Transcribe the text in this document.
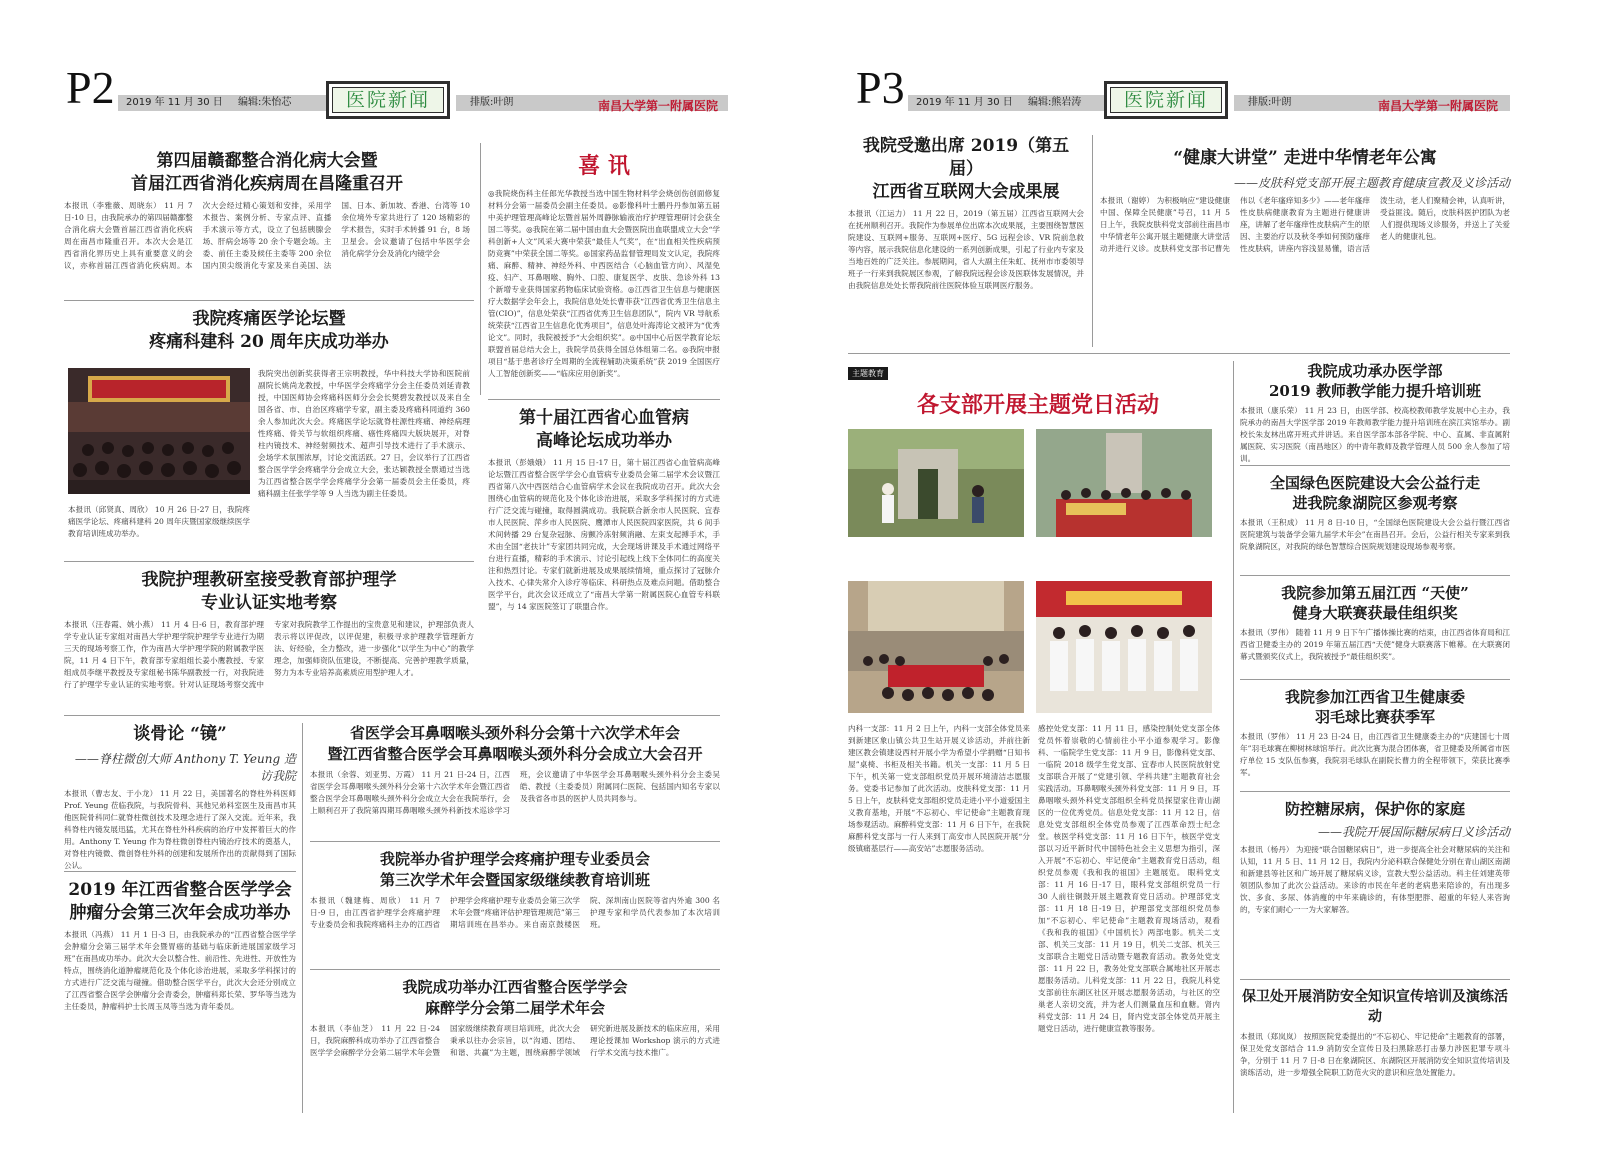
P2	2019 年 11 月 30 日 编辑:朱怡芯	医院新闻	排版:叶朗	南昌大学第一附属医院
第四届赣鄱整合消化病大会暨
首届江西省消化疾病周在昌隆重召开

本报讯（李雅薇、周晓东） 11 月 7 日-10 日，由我院承办的第四届赣鄱整合消化病大会暨首届江西省消化疾病周在南昌市隆重召开。本次大会是江西省消化界历史上具有重要意义的会议，亦称首届江西省消化疾病周。本次大会经过精心策划和安排，采用学术报告、案例分析、专家点评、直播手术演示等方式，设立了包括胰腺会场、肝病会场等 20 余个专题会场。主委、前任主委及候任主委等 200 余位国内顶尖级消化专家及来自美国、法国、日本、新加坡、香港、台湾等 10 余位境外专家共进行了 120 场精彩的学术报告，实时手术转播 91 台，8 场卫星会。会议邀请了包括中华医学会消化病学分会及消化内镜学会

喜 讯

◎我院烧伤科主任郎光华教授当选中国生物材料学会烧创伤创面修复材料分会第一届委员会副主任委员。◎影像科叶士鹏丹丹参加第五届中美护理管理高峰论坛暨首届外周静脉输液治疗护理管理研讨会获全国二等奖。◎我院在第二届中国由血大会暨医院出血联盟成立大会“学科创新+人文”风采大赛中荣获“最佳人气奖”，在“出血相关性疾病预防竞赛”中荣获全国二等奖。◎国家药品监督管理局发文认定，我院疼痛、麻醉、精神、神经外科、中西医结合（心脑血管方向）、风湿免疫、妇产、耳鼻咽喉、胸外、口腔、康复医学、皮肤、急诊外科 13 个新增专业获得国家药物临床试验资格。◎江西省卫生信息与健康医疗大数据学会年会上，我院信息处处长曹菲获“江西省优秀卫生信息主管(CIO)”，信息处荣获“江西省优秀卫生信息团队”，院内 VR 导航系统荣获“江西省卫生信息化优秀项目”，信息处叶海涛论文被评为“优秀论文”。同时，我院被授予“大会组织奖”。◎中国中心后医学教育论坛联盟首届总结大会上，我院学员获得全国总体组第二名。◎我院申报项目“基于患者诊疗全周期的全流程辅助决策系统”获 2019 全国医疗人工智能创新奖——“临床应用创新奖”。

我院疼痛医学论坛暨
疼痛科建科 20 周年庆成功举办

我院突出创新奖获得者王宗明教授，华中科技大学协和医院前副院长姚尚龙教授，中华医学会疼痛学分会主任委员刘延青教授，中国医师协会疼痛科医师分会会长樊碧发教授以及来自全国各省、市、自治区疼痛学专家，副主委及疼痛科同道约 360 余人参加此次大会。疼痛医学论坛就脊柱源性疼痛、神经病理性疼痛、骨关节与软组织疼痛、癌性疼痛四大版块展开，对脊柱内镜技术、神经射频技术、超声引导技术进行了手术演示、会场学术氛围浓厚，讨论交流活跃。27 日，会议举行了江西省整合医学学会疼痛学分会成立大会，张达颖教授全票通过当选为江西省整合医学学会疼痛学分会第一届委员会主任委员，疼痛科副主任张学学等 9 人当选为副主任委员。

本报讯（邱贤真、周欣） 10 月 26 日-27 日，我院疼痛医学论坛、疼痛科建科 20 周年庆暨国家级继续医学教育培训班成功举办。

第十届江西省心血管病
高峰论坛成功举办

本报讯（彭娥娥） 11 月 15 日-17 日，第十届江西省心血管病高峰论坛暨江西省整合医学学会心血管病专业委员会第二届学术会议暨江西省第八次中西医结合心血管病学术会议在我院成功召开。此次大会围绕心血管病的规范化及个体化诊治进展，采取多学科探讨的方式进行广泛交流与碰撞，取得圆满成功。我院联合新余市人民医院、宜春市人民医院、萍乡市人民医院、鹰潭市人民医院四家医院，共 6 间手术间转播 29 台复杂冠脉、房颤冷冻射频消融、左束支起搏手术，手术由全国“老扶计”专家团共同完成，大会现场讲课及手术通过网络平台进行直播，精彩的手术演示、讨论引起线上线下全体同仁的高度关注和热烈讨论。专家们就新进展及成果展续情境，重点探讨了冠脉介入技术、心律失常介入诊疗等临床、科研热点及难点问题。借助整合医学平台，此次会议还成立了“南昌大学第一附属医院心血管专科联盟”，与 14 家医院签订了联盟合作。

我院护理教研室接受教育部护理学
专业认证实地考察

本报讯（汪春霞、姚小燕） 11 月 4 日-6 日，教育部护理学专业认证专家组对南昌大学护理学院护理学专业进行为期三天的现场考察工作，作为南昌大学护理学院的附属教学医院，11 月 4 日下午，教育部专家组组长姜小鹰教授、专家组成员李继平教授及专家组秘书陈华副教授一行，对我院进行了护理学专业认证的实地考察。针对认证现场考察交流中专家对我院教学工作提出的宝贵意见和建议，护理部负责人表示将以评促改，以评促建，积极寻求护理教学管理新方法、好经验，全力整改，进一步强化“以学生为中心”的教学理念，加强师资队伍建设，不断提高、完善护理教学质量，努力为本专业培养高素质应用型护理人才。

谈骨论 “镜”
——脊柱微创大师 Anthony T. Yeung 造访我院

本报讯（曹志友、于小龙） 11 月 22 日，美国著名的脊柱外科医师 Prof. Yeung 莅临我院，与我院骨科、其他兄弟科室医生及南昌市其他医院骨科同仁就脊柱微创技术及理念进行了深入交流。近年来，我科脊柱内镜发展迅猛，尤其在脊柱外科疾病的治疗中发挥着巨大的作用。Anthony T. Yeung 作为脊柱微创脊柱内镜治疗技术的奠基人，对脊柱内镜微、微创脊柱外科的创建和发展所作出的贡献得到了国际公认。

省医学会耳鼻咽喉头颈外科分会第十六次学术年会
暨江西省整合医学会耳鼻咽喉头颈外科分会成立大会召开

本报讯（余蓉、刘亚男、万霞） 11 月 21 日-24 日，江西省医学会耳鼻咽喉头颈外科分会第十六次学术年会暨江西省整合医学会耳鼻咽喉头颈外科分会成立大会在我院举行，会上顺利召开了我院第四期耳鼻咽喉头颈外科新技术巡诊学习班，会议邀请了中华医学会耳鼻咽喉头颈外科分会主委吴皓、教授（主委委员）附属同仁医院、包括国内知名专家以及我省各市县的医护人员共同参与。

2019 年江西省整合医学学会
肿瘤分会第三次年会成功举办

本报讯（冯燕） 11 月 1 日-3 日，由我院承办的“江西省整合医学学会肿瘤分会第三届学术年会暨胃癌的基础与临床新进展国家级学习班”在南昌成功举办。此次大会以整合性、前沿性、先进性、开放性为特点，围绕消化道肿瘤规范化及个体化诊治进展，采取多学科探讨的方式进行广泛交流与碰撞。借助整合医学平台，此次大会还分别成立了江西省整合医学会肿瘤分会青委会，肿瘤科郑长荣、罗华等当选为主任委员，肿瘤科护士长周玉凤等当选为青年委员。

我院举办省护理学会疼痛护理专业委员会
第三次学术年会暨国家级继续教育培训班

本报讯（魏建梅、周欣） 11 月 7 日-9 日，由江西省护理学会疼痛护理专业委员会和我院疼痛科主办的江西省护理学会疼痛护理专业委员会第三次学术年会暨“疼痛评估护理管理规范”第三期培训班在昌举办。来自南京鼓楼医院、深圳南山医院等省内外逾 300 名护理专家和学员代表参加了本次培训班。

我院成功举办江西省整合医学学会
麻醉学分会第二届学术年会

本报讯（李仙芝） 11 月 22 日-24 日，我院麻醉科成功举办了江西省整合医学学会麻醉学分会第二届学术年会暨国家级继续教育项目培训班，此次大会秉承以往办会宗旨，以“沟通、团结、和谐、共赢”为主题，围绕麻醉学领域研究新进展及新技术的临床应用，采用理论授课加 Workshop 演示的方式进行学术交流与技术推广。

P3	2019 年 11 月 30 日 编辑:熊岩涛	医院新闻	排版:叶朗	南昌大学第一附属医院
我院受邀出席 2019（第五届）
江西省互联网大会成果展

本报讯（江运力） 11 月 22 日，2019（第五届）江西省互联网大会在抚州顺利召开。我院作为参展单位出席本次成果展，主要围绕智慧医院建设、互联网+服务、互联网+医疗、5G 远程会诊、VR 院前急救等内容，展示我院信息化建设的一系列创新成果，引起了行业内专家及当地百姓的广泛关注。参展期间，省人大副主任朱虹、抚州市市委领导班子一行来到我院展区参观，了解我院远程会诊及医联体发展情况，并由我院信息处处长帮我院前往医院体验互联网医疗服务。

“健康大讲堂” 走进中华情老年公寓
——皮肤科党支部开展主题教育健康宣教及义诊活动

本报讯（谢婷） 为积极响应“建设健康中国、保障全民健康”号召，11 月 5 日上午，我院皮肤科党支部前往南昌市中华情老年公寓开展主题健康大讲堂活动并进行义诊。皮肤科党支部书记曹先伟以《老年瘙痒知多少》——老年瘙痒性皮肤病健康教育为主题进行健康讲座，讲解了老年瘙痒性皮肤病产生的原因、主要治疗以及秋冬季如何预防瘙痒性皮肤病，讲座内容浅显易懂，语言活泼生动，老人们聚精会神，认真听讲，受益匪浅。随后，皮肤科医护团队为老人们提供现场义诊服务，并送上了关爱老人的健康礼包。

主题教育
各支部开展主题党日活动

内科一支部：11 月 2 日上午，内科一支部全体党员来到新建区象山镇公共卫生站开展义诊活动，并前往新建区教会镇建设西村开展小学为希望小学捐赠“日知书屋”桌椅、书柜及相关书籍。机关一支部：11 月 5 日下午，机关第一党支部组织党员开展环境清洁志愿服务。党委书记参加了此次活动。皮肤科党支部：11 月 5 日上午，皮肤科党支部组织党员走进小平小道爱国主义教育基地，开展“不忘初心、牢记使命”主题教育现场参观活动。麻醉科党支部：11 月 6 日下午，在我院麻醉科党支部与一行人来到丁高安市人民医院开展“分级镇痛基层行——高安站”志愿服务活动。

感控处党支部：11 月 11 日，感染控制处党支部全体党员怀着崇敬的心情前往小平小道参观学习。影像科、一临院学生党支部：11 月 9 日，影像科党支部、一临院 2018 级学生党支部、宜春市人民医院放射党支部联合开展了“党建引领、学科共建”主题教育社会实践活动。耳鼻咽喉头颈外科党支部：11 月 9 日，耳鼻咽喉头颈外科党支部组织全科党员探望家住青山湖区的一位优秀党员。信息处党支部：11 月 12 日，信息处党支部组织全体党员参观了江西革命烈士纪念堂。核医学科党支部：11 月 16 日下午，核医学党支部以习近平新时代中国特色社会主义思想为指引，深入开展“不忘初心、牢记使命”主题教育党日活动，组织党员参观《我和我的祖国》主题展览。 眼科党支部：11 月 16 日-17 日，眼科党支部组织党员一行 30 人前往铜鼓开展主题教育党日活动。护理部党支部：11 月 18 日-19 日，护理部党支部组织党员参加“不忘初心、牢记使命”主题教育现场活动，观看《我和我的祖国》《中国机长》两部电影。机关二支部、机关三支部：11 月 19 日，机关二支部、机关三支部联合主题党日活动暨专题教育活动。教务处党支部：11 月 22 日，教务处党支部联合属地社区开展志愿服务活动。儿科党支部：11 月 22 日，我院儿科党支部前往东湖区社区开展志愿服务活动，与社区的空巢老人亲切交流，并为老人们测量血压和血糖。肾内科党支部：11 月 24 日，肾内党支部全体党员开展主题党日活动，进行健康宣教等服务。

我院成功承办医学部
2019 教师教学能力提升培训班

本报讯（康乐荣） 11 月 23 日，由医学部、校高校教师教学发展中心主办，我院承办的南昌大学医学部 2019 年教师教学能力提升培训班在滨江宾馆举办。副校长朱友林出席开班式并讲话。来自医学部本部各学院、中心、直属、非直属附属医院、实习医院（南昌地区）的中青年教师及教学管理人员 500 余人参加了培训。

全国绿色医院建设大会公益行走
进我院象湖院区参观考察

本报讯（王积成） 11 月 8 日-10 日，“全国绿色医院建设大会公益行暨江西省医院建筑与装备学会第九届学术年会”在南昌召开。会后，公益行相关专家来到我院象湖院区，对我院的绿色智慧综合医院规划建设现场参观考察。

我院参加第五届江西 “天使”
健身大联赛获最佳组织奖

本报讯（罗伟） 随着 11 月 9 日下午广播体操比赛的结束，由江西省体育局和江西省卫健委主办的 2019 年第五届江西“天使”健身大联赛落下帷幕。在大联赛闭幕式暨颁奖仪式上，我院被授予“最佳组织奖”。

我院参加江西省卫生健康委
羽毛球比赛获季军

本报讯（罗伟） 11 月 23 日-24 日，由江西省卫生健康委主办的“庆建国七十周年”羽毛球赛在柳树林球馆举行。此次比赛为混合团体赛，省卫健委及所属省市医疗单位 15 支队伍参赛，我院羽毛球队在副院长曹力的全程带领下，荣获比赛季军。

防控糖尿病，保护你的家庭
——我院开展国际糖尿病日义诊活动

本报讯（杨丹） 为迎接“联合国糖尿病日”，进一步提高全社会对糖尿病的关注和认知，11 月 5 日、11 月 12 日，我院内分泌科联合保健处分别在青山湖区南湖和新建县等社区和广场开展了糖尿病义诊，宣教大型公益活动。科主任刘建英带领团队参加了此次公益活动。来诊的市民在年老的老病患来陪诊的，有出现多饮、多食、多尿、体消瘦的中年来确诊的，有体型肥胖、超重的年轻人来咨询的，专家们耐心一一为大家解答。

保卫处开展消防安全知识宣传培训及演练活动

本报讯（郑岚岚） 按照医院党委提出的“不忘初心、牢记使命”主题教育的部署，保卫处党支部结合 11.9 消防安全宣传日及扫黑除恶打击暴力涉医犯罪专项斗争，分别于 11 月 7 日-8 日在象湖院区、东湖院区开展消防安全知识宣传培训及演练活动，进一步增强全院职工防范火灾的意识和应急处置能力。
